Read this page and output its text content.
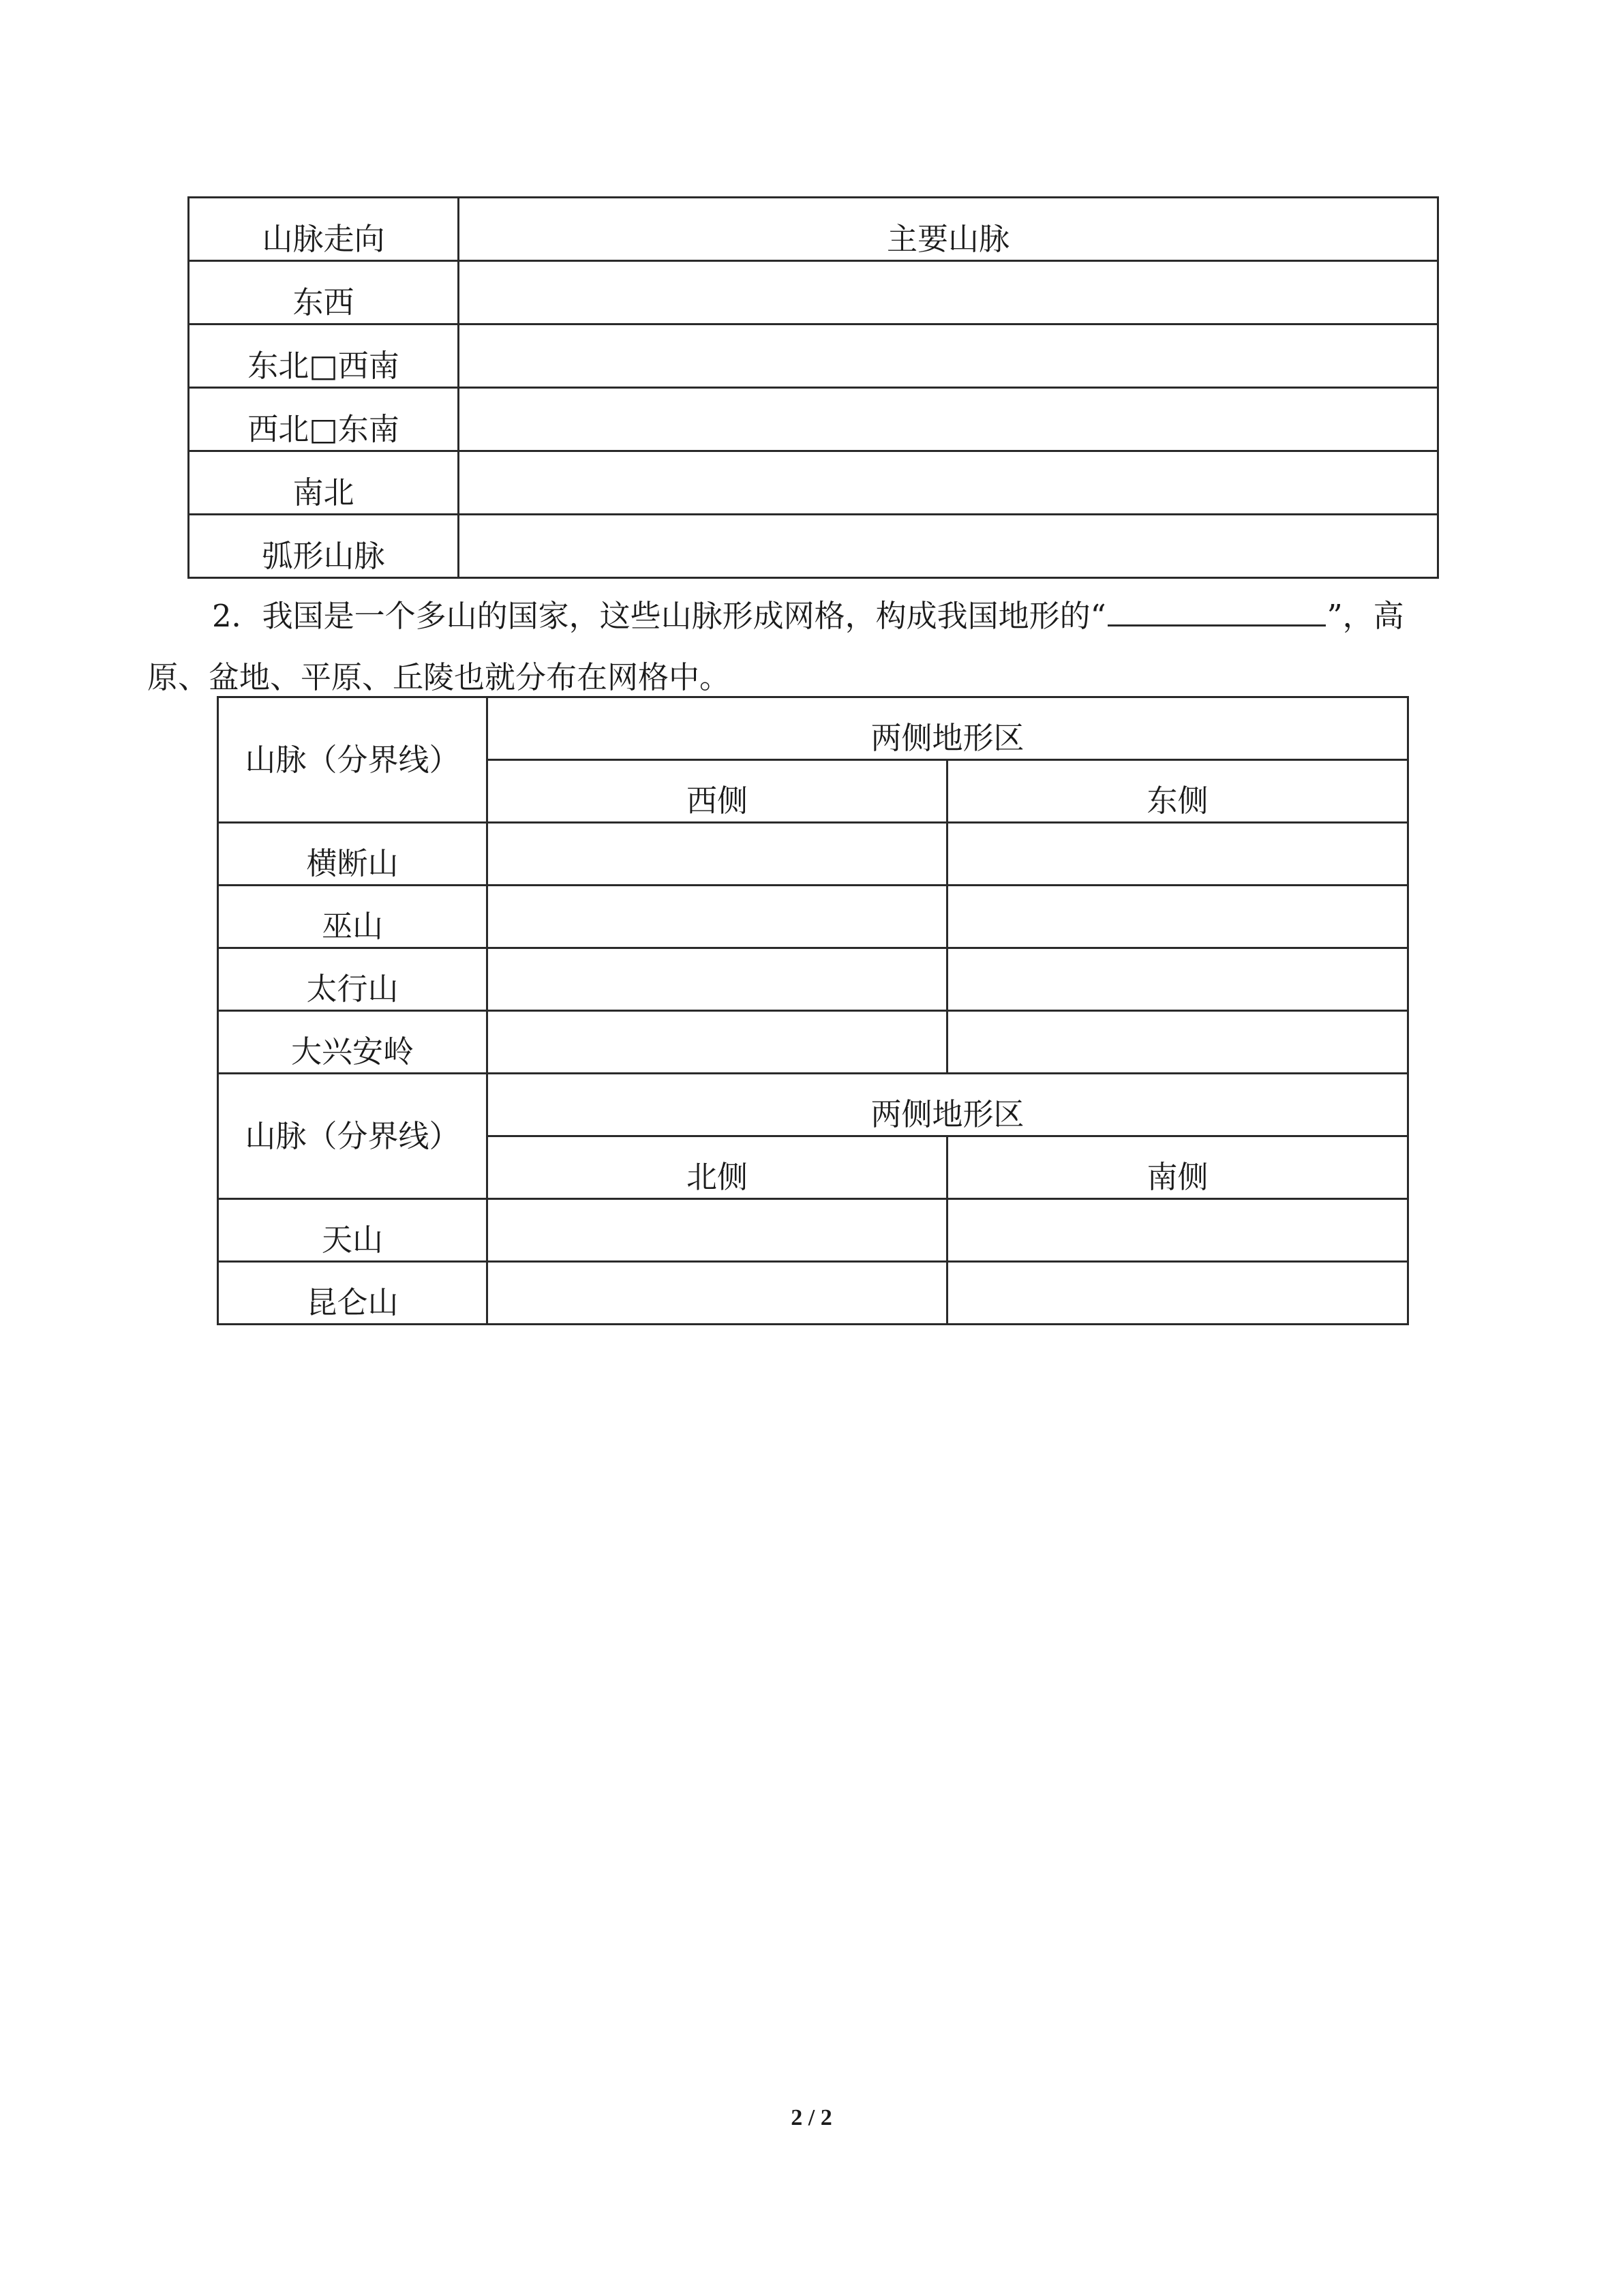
山脉走向	主要山脉
东西	
东北□西南	
西北□东南	
南北	
弧形山脉	
2．我国是一个多山的国家，这些山脉形成网格，构成我国地形的“	”，高
原、盆地、平原、丘陵也就分布在网格中。
山脉（分界线）	两侧地形区	
	西侧	东侧
横断山		
巫山		
太行山		
大兴安岭		
山脉（分界线）	两侧地形区	
	北侧	南侧
天山		
昆仑山		
2 / 2
